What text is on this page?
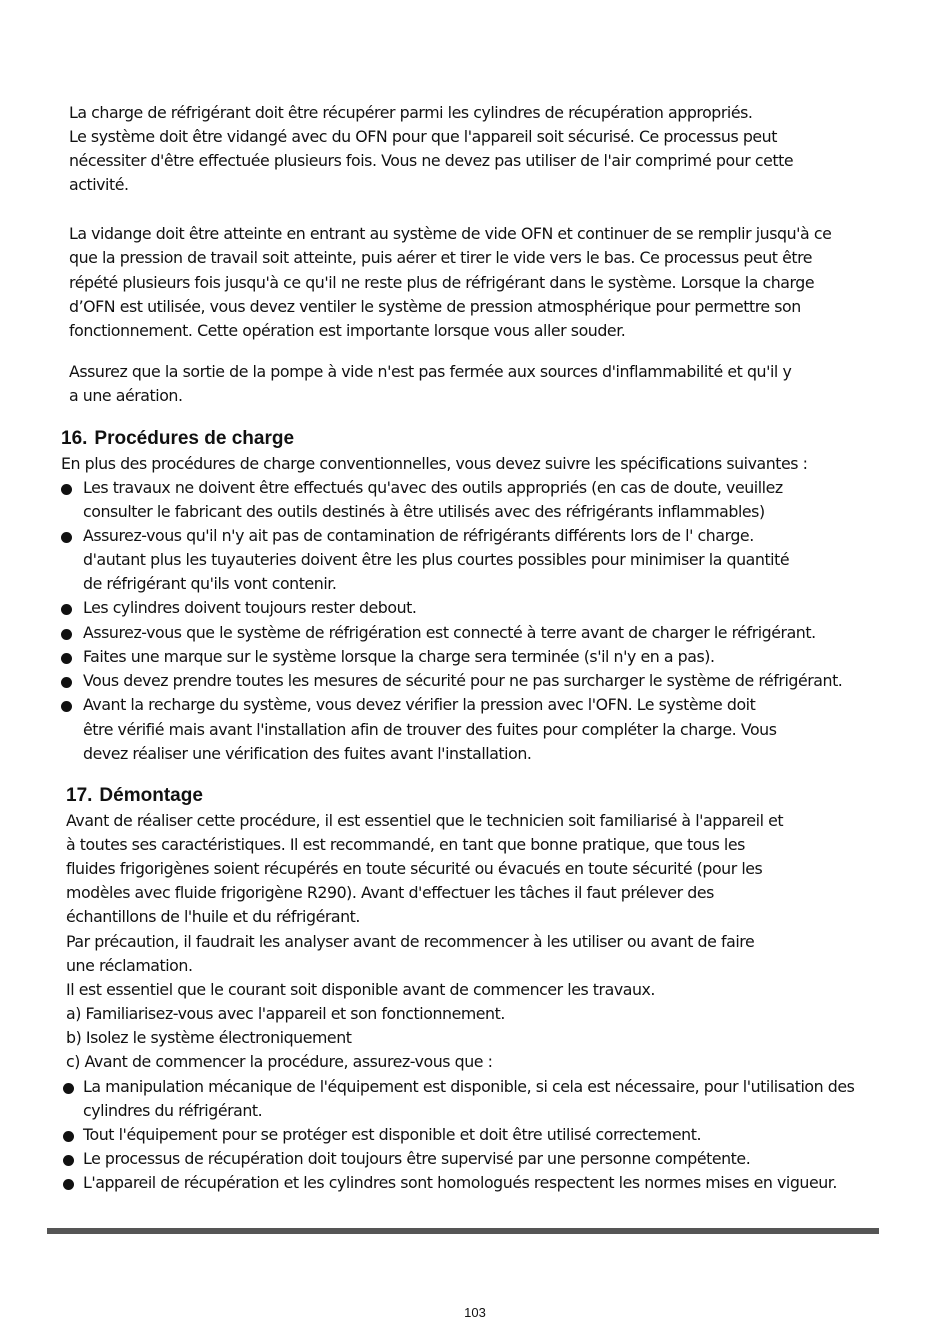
La charge de réfrigérant doit être récupérer parmi les cylindres de récupération appropriés.
Le système doit être vidangé avec du OFN pour que l'appareil soit sécurisé. Ce processus peut
nécessiter d'être effectuée plusieurs fois. Vous ne devez pas utiliser de l'air comprimé pour cette
activité.
La vidange doit être atteinte en entrant au système de vide OFN et continuer de se remplir jusqu'à ce
que la pression de travail soit atteinte, puis aérer et tirer le vide vers le bas. Ce processus peut être
répété plusieurs fois jusqu'à ce qu'il ne reste plus de réfrigérant dans le système. Lorsque la charge
d’OFN est utilisée, vous devez ventiler le système de pression atmosphérique pour permettre son
fonctionnement. Cette opération est importante lorsque vous aller souder.
Assurez que la sortie de la pompe à vide n'est pas fermée aux sources d'inflammabilité et qu'il y
a une aération.
16. Procédures de charge
En plus des procédures de charge conventionnelles, vous devez suivre les spécifications suivantes :
Les travaux ne doivent être effectués qu'avec des outils appropriés (en cas de doute, veuillez
consulter le fabricant des outils destinés à être utilisés avec des réfrigérants inflammables)
Assurez-vous qu'il n'y ait pas de contamination de réfrigérants différents lors de l' charge.
d'autant plus les tuyauteries doivent être les plus courtes possibles pour minimiser la quantité
de réfrigérant qu'ils vont contenir.
Les cylindres doivent toujours rester debout.
Assurez-vous que le système de réfrigération est connecté à terre avant de charger le réfrigérant.
Faites une marque sur le système lorsque la charge sera terminée (s'il n'y en a pas).
Vous devez prendre toutes les mesures de sécurité pour ne pas surcharger le système de réfrigérant.
Avant la recharge du système, vous devez vérifier la pression avec l'OFN. Le système doit
être vérifié mais avant l'installation afin de trouver des fuites pour compléter la charge. Vous
devez réaliser une vérification des fuites avant l'installation.
17. Démontage
Avant de réaliser cette procédure, il est essentiel que le technicien soit familiarisé à l'appareil et
à toutes ses caractéristiques. Il est recommandé, en tant que bonne pratique, que tous les
fluides frigorigènes soient récupérés en toute sécurité ou évacués en toute sécurité (pour les
modèles avec fluide frigorigène R290). Avant d'effectuer les tâches il faut prélever des
échantillons de l'huile et du réfrigérant.
Par précaution, il faudrait les analyser avant de recommencer à les utiliser ou avant de faire
une réclamation.
Il est essentiel que le courant soit disponible avant de commencer les travaux.
a) Familiarisez-vous avec l'appareil et son fonctionnement.
b) Isolez le système électroniquement
c) Avant de commencer la procédure, assurez-vous que :
La manipulation mécanique de l'équipement est disponible, si cela est nécessaire, pour l'utilisation des
cylindres du réfrigérant.
Tout l'équipement pour se protéger est disponible et doit être utilisé correctement.
Le processus de récupération doit toujours être supervisé par une personne compétente.
L'appareil de récupération et les cylindres sont homologués respectent les normes mises en vigueur.
103
